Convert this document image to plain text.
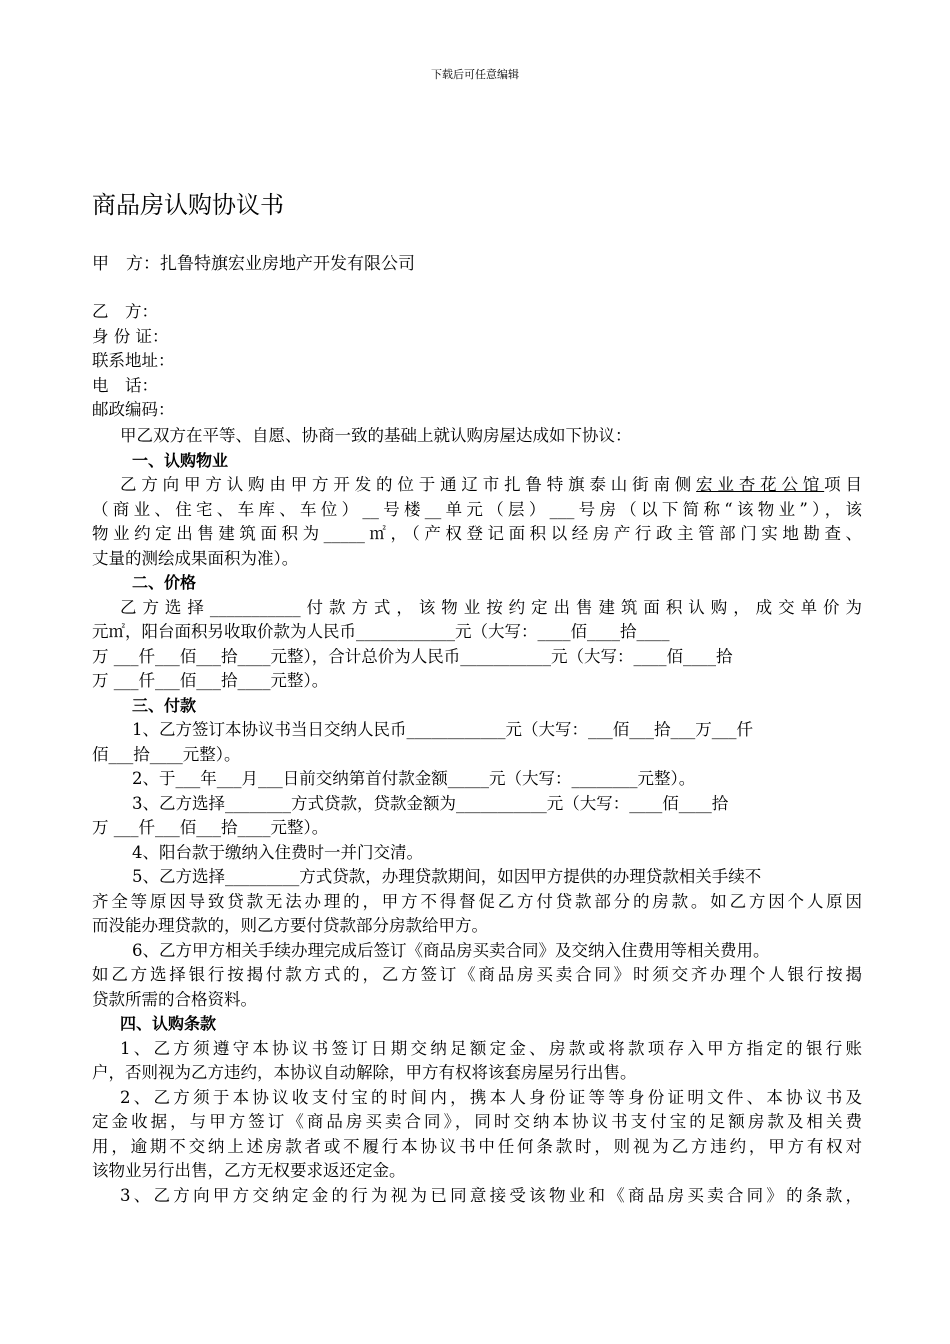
下载后可任意编辑
商品房认购协议书
甲　方：扎鲁特旗宏业房地产开发有限公司
乙　方：
身 份 证：
联系地址：
电　话：
邮政编码：
甲乙双方在平等、自愿、协商一致的基础上就认购房屋达成如下协议：
一、认购物业
乙方向甲方认购由甲方开发的位于通辽市扎鲁特旗泰山街南侧宏业杏花公馆项目
（商业、住宅、车库、车位）__号楼__单元（层）___号房（以下简称“该物业”），该
物业约定出售建筑面积为_____㎡，（产权登记面积以经房产行政主管部门实地勘查、
丈量的测绘成果面积为准）。
二、价格
乙方选择___________付款方式，该物业按约定出售建筑面积认购，成交单价为
元㎡，阳台面积另收取价款为人民币____________元（大写：____佰____拾____
万 ___仟___佰___拾____元整），合计总价为人民币___________元（大写：____佰____拾
万 ___仟___佰___拾____元整）。
三、付款
1、乙方签订本协议书当日交纳人民币____________元（大写：___佰___拾___万___仟
佰___拾____元整）。
2、于___年___月___日前交纳第首付款金额_____元（大写：________元整）。
3、乙方选择________方式贷款，贷款金额为___________元（大写：____佰____拾
万 ___仟___佰___拾____元整）。
4、阳台款于缴纳入住费时一并门交清。
5、乙方选择_________方式贷款，办理贷款期间，如因甲方提供的办理贷款相关手续不
齐全等原因导致贷款无法办理的，甲方不得督促乙方付贷款部分的房款。如乙方因个人原因
而没能办理贷款的，则乙方要付贷款部分房款给甲方。
6、乙方甲方相关手续办理完成后签订《商品房买卖合同》及交纳入住费用等相关费用。
如乙方选择银行按揭付款方式的，乙方签订《商品房买卖合同》时须交齐办理个人银行按揭
贷款所需的合格资料。
四、认购条款
1、乙方须遵守本协议书签订日期交纳足额定金、房款或将款项存入甲方指定的银行账
户，否则视为乙方违约，本协议自动解除，甲方有权将该套房屋另行出售。
2、乙方须于本协议收支付宝的时间内，携本人身份证等等身份证明文件、本协议书及
定金收据，与甲方签订《商品房买卖合同》，同时交纳本协议书支付宝的足额房款及相关费
用，逾期不交纳上述房款者或不履行本协议书中任何条款时，则视为乙方违约，甲方有权对
该物业另行出售，乙方无权要求返还定金。
3、乙方向甲方交纳定金的行为视为已同意接受该物业和《商品房买卖合同》的条款，
